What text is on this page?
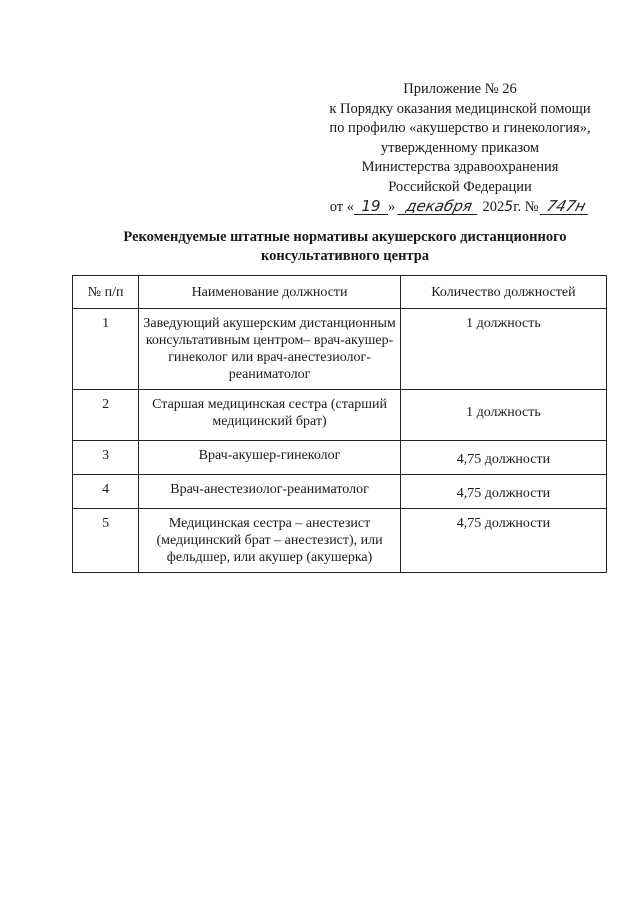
Приложение № 26
к Порядку оказания медицинской помощи
по профилю «акушерство и гинекология»,
утвержденному приказом
Министерства здравоохранения
Российской Федерации
от « 19 » декабря 2025г. № 747н
Рекомендуемые штатные нормативы акушерского дистанционного
консультативного центра
№ п/п	Наименование должности	Количество должностей
1	Заведующий акушерским дистанционным консультативным центром– врач-акушер-гинеколог или врач-анестезиолог-реаниматолог	1 должность
2	Старшая медицинская сестра (старший медицинский брат)	1 должность
3	Врач-акушер-гинеколог	4,75 должности
4	Врач-анестезиолог-реаниматолог	4,75 должности
5	Медицинская сестра – анестезист (медицинский брат – анестезист), или фельдшер, или акушер (акушерка)	4,75 должности
